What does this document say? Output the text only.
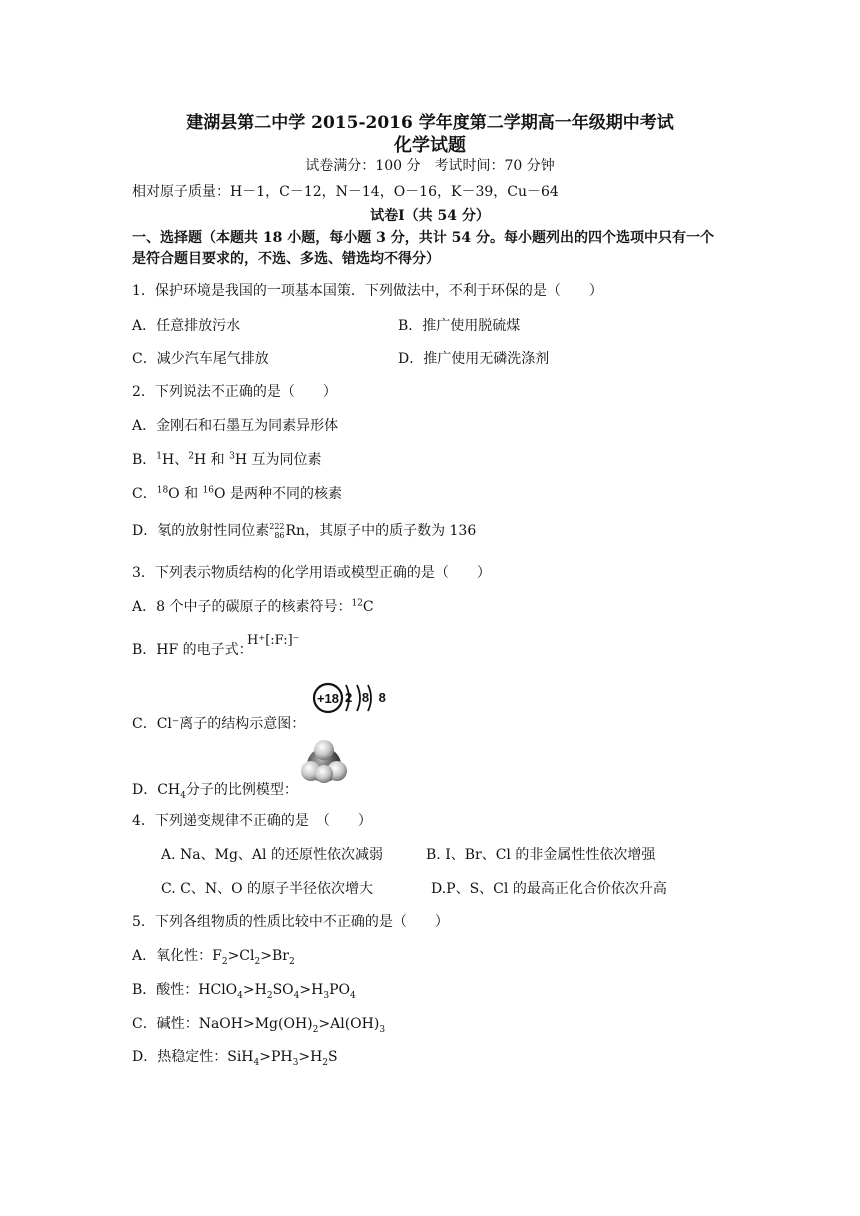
建湖县第二中学 2015-2016 学年度第二学期高一年级期中考试
化学试题
试卷满分：100 分　考试时间：70 分钟
相对原子质量：H－1，C－12，N－14，O－16，K－39，Cu－64
试卷Ⅰ（共 54 分）
一、选择题（本题共 18 小题，每小题 3 分，共计 54 分。每小题列出的四个选项中只有一个
是符合题目要求的，不选、多选、错选均不得分）
1．保护环境是我国的一项基本国策．下列做法中，不利于环保的是（　　）
A．任意排放污水	B．推广使用脱硫煤
C．减少汽车尾气排放	D．推广使用无磷洗涤剂
2．下列说法不正确的是（　　）
A．金刚石和石墨互为同素异形体
B．$^1$H、$^2$H 和 $^3$H 互为同位素
C．$^{18}$O 和 $^{16}$O 是两种不同的核素
D．氡的放射性同位素 222
86 Rn，其原子中的质子数为 136
3．下列表示物质结构的化学用语或模型正确的是（　　）
A．8 个中子的碳原子的核素符号：$^{12}$C
B．HF 的电子式：
H⁺[:F:]⁻
C．Cl⁻离子的结构示意图：
+18 2 8 8
D．$CH_4$分子的比例模型：
4．下列递变规律不正确的是　（　　）
A. Na、Mg、Al 的还原性依次减弱	B. I、Br、Cl 的非金属性性依次增强
C. C、N、O 的原子半径依次增大	D.P、S、Cl 的最高正化合价依次升高
5．下列各组物质的性质比较中不正确的是（　　）
A．氧化性：$F_2>Cl_2>Br_2$
B．酸性：$HClO_4>H_2SO_4>H_3PO_4$
C．碱性：$NaOH>Mg(OH)_2>Al(OH)_3$
D．热稳定性：$SiH_4>PH_3>H_2S$
